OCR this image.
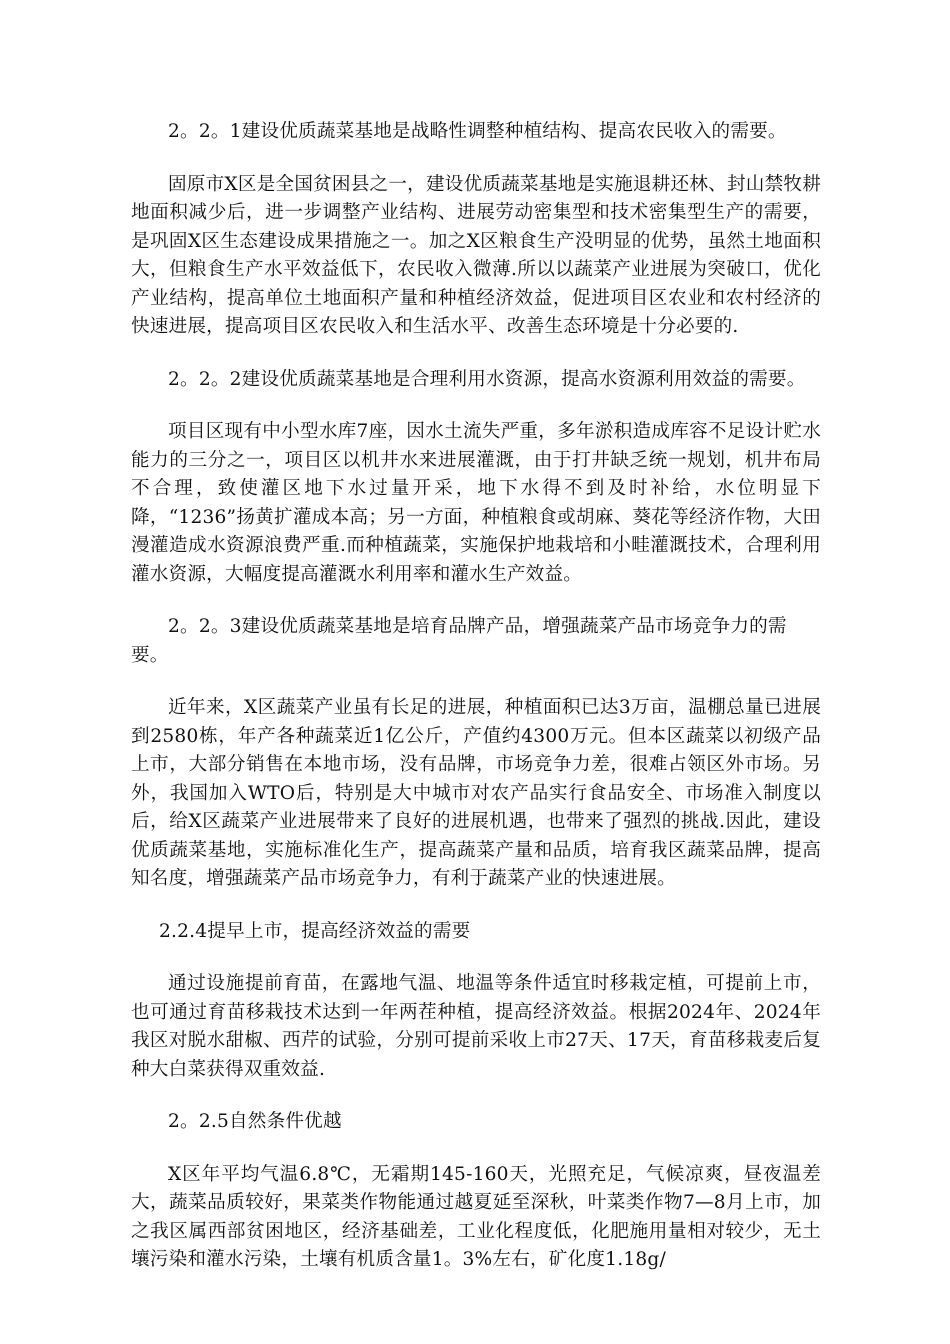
2。2。1建设优质蔬菜基地是战略性调整种植结构、提高农民收入的需要。

固原市X区是全国贫困县之一，建设优质蔬菜基地是实施退耕还林、封山禁牧耕地面积减少后，进一步调整产业结构、进展劳动密集型和技术密集型生产的需要，是巩固X区生态建设成果措施之一。加之X区粮食生产没明显的优势，虽然土地面积大，但粮食生产水平效益低下，农民收入微薄.所以以蔬菜产业进展为突破口，优化产业结构，提高单位土地面积产量和种植经济效益，促进项目区农业和农村经济的快速进展，提高项目区农民收入和生活水平、改善生态环境是十分必要的.

2。2。2建设优质蔬菜基地是合理利用水资源，提高水资源利用效益的需要。

项目区现有中小型水库7座，因水土流失严重，多年淤积造成库容不足设计贮水能力的三分之一，项目区以机井水来进展灌溉，由于打井缺乏统一规划，机井布局不合理，致使灌区地下水过量开采，地下水得不到及时补给，水位明显下降，“1236”扬黄扩灌成本高；另一方面，种植粮食或胡麻、葵花等经济作物，大田漫灌造成水资源浪费严重.而种植蔬菜，实施保护地栽培和小畦灌溉技术，合理利用灌水资源，大幅度提高灌溉水利用率和灌水生产效益。

2。2。3建设优质蔬菜基地是培育品牌产品，增强蔬菜产品市场竞争力的需要。

近年来，X区蔬菜产业虽有长足的进展，种植面积已达3万亩，温棚总量已进展到2580栋，年产各种蔬菜近1亿公斤，产值约4300万元。但本区蔬菜以初级产品上市，大部分销售在本地市场，没有品牌，市场竞争力差，很难占领区外市场。另外，我国加入WTO后，特别是大中城市对农产品实行食品安全、市场准入制度以后，给X区蔬菜产业进展带来了良好的进展机遇，也带来了强烈的挑战.因此，建设优质蔬菜基地，实施标准化生产，提高蔬菜产量和品质，培育我区蔬菜品牌，提高知名度，增强蔬菜产品市场竞争力，有利于蔬菜产业的快速进展。

2.2.4提早上市，提高经济效益的需要

通过设施提前育苗，在露地气温、地温等条件适宜时移栽定植，可提前上市，也可通过育苗移栽技术达到一年两茬种植，提高经济效益。根据2024年、2024年我区对脱水甜椒、西芹的试验，分别可提前采收上市27天、17天，育苗移栽麦后复种大白菜获得双重效益.

2。2.5自然条件优越

X区年平均气温6.8℃，无霜期145-160天，光照充足，气候凉爽，昼夜温差大，蔬菜品质较好，果菜类作物能通过越夏延至深秋，叶菜类作物7—8月上市，加之我区属西部贫困地区，经济基础差，工业化程度低，化肥施用量相对较少，无土壤污染和灌水污染，土壤有机质含量1。3%左右，矿化度1.18g/
